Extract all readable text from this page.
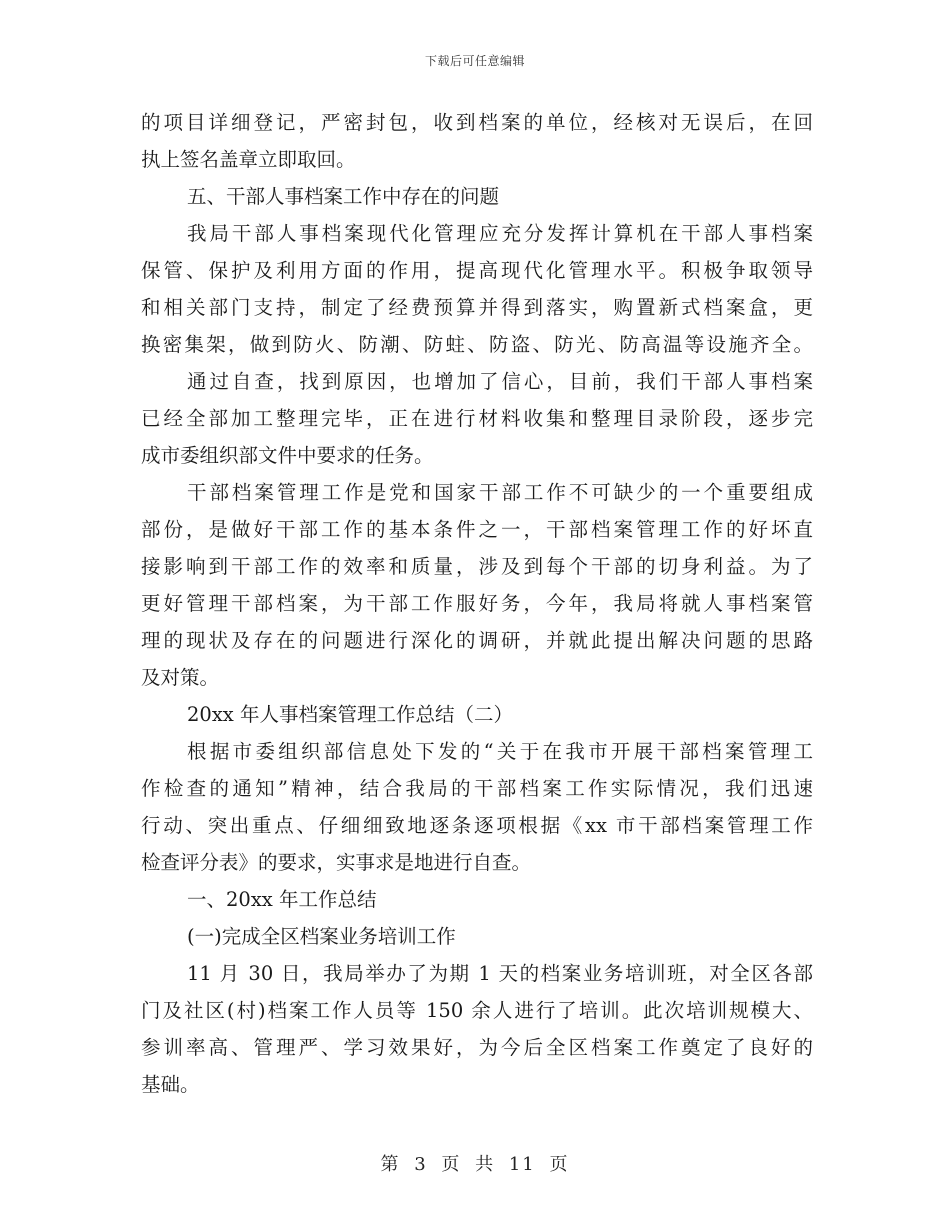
下载后可任意编辑
的项目详细登记，严密封包，收到档案的单位，经核对无误后，在回
执上签名盖章立即取回。
五、干部人事档案工作中存在的问题
我局干部人事档案现代化管理应充分发挥计算机在干部人事档案
保管、保护及利用方面的作用，提高现代化管理水平。积极争取领导
和相关部门支持，制定了经费预算并得到落实，购置新式档案盒，更
换密集架，做到防火、防潮、防蛀、防盗、防光、防高温等设施齐全。
通过自查，找到原因，也增加了信心，目前，我们干部人事档案
已经全部加工整理完毕，正在进行材料收集和整理目录阶段，逐步完
成市委组织部文件中要求的任务。
干部档案管理工作是党和国家干部工作不可缺少的一个重要组成
部份，是做好干部工作的基本条件之一，干部档案管理工作的好坏直
接影响到干部工作的效率和质量，涉及到每个干部的切身利益。为了
更好管理干部档案，为干部工作服好务，今年，我局将就人事档案管
理的现状及存在的问题进行深化的调研，并就此提出解决问题的思路
及对策。
20xx 年人事档案管理工作总结（二）
根据市委组织部信息处下发的“关于在我市开展干部档案管理工
作检查的通知”精神，结合我局的干部档案工作实际情况，我们迅速
行动、突出重点、仔细细致地逐条逐项根据《xx 市干部档案管理工作
检查评分表》的要求，实事求是地进行自查。
一、20xx 年工作总结
(一)完成全区档案业务培训工作
11 月 30 日，我局举办了为期 1 天的档案业务培训班，对全区各部
门及社区(村)档案工作人员等 150 余人进行了培训。此次培训规模大、
参训率高、管理严、学习效果好，为今后全区档案工作奠定了良好的
基础。
第 3 页 共 11 页
